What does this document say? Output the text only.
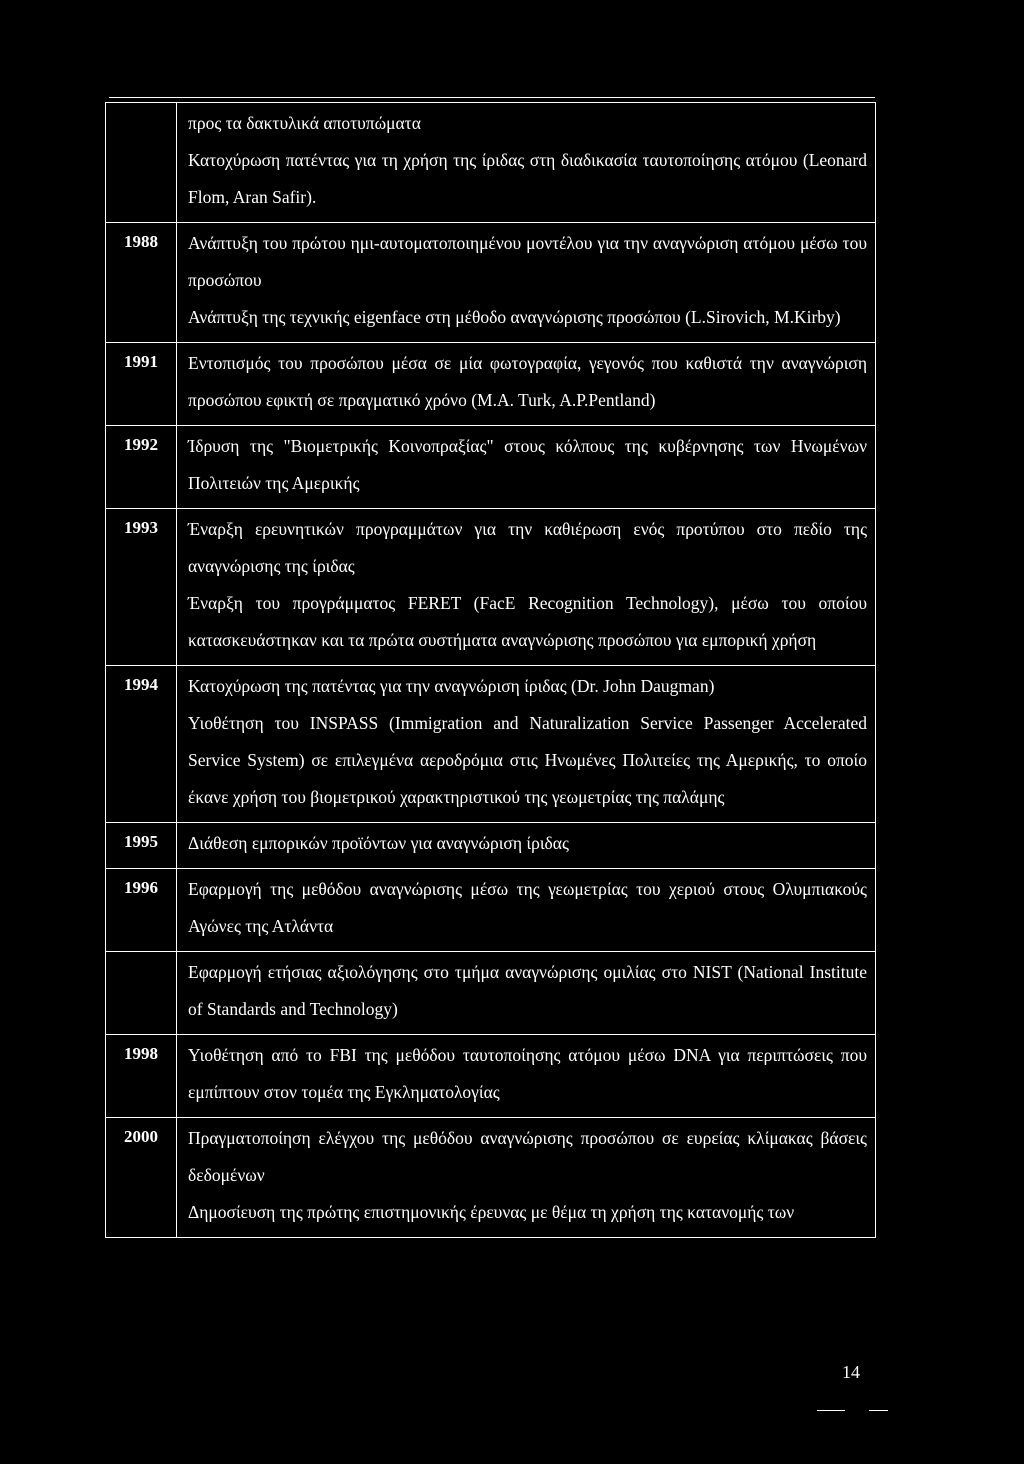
	προς τα δακτυλικά αποτυπώματα

Κατοχύρωση πατέντας για τη χρήση της ίριδας στη διαδικασία ταυτοποίησης ατόμου (Leonard Flom, Aran Safir).

1988	Ανάπτυξη του πρώτου ημι-αυτοματοποιημένου μοντέλου για την αναγνώριση ατόμου μέσω του προσώπου

Ανάπτυξη της τεχνικής eigenface στη μέθοδο αναγνώρισης προσώπου (L.Sirovich, M.Kirby)

1991	Εντοπισμός του προσώπου μέσα σε μία φωτογραφία, γεγονός που καθιστά την αναγνώριση προσώπου εφικτή σε πραγματικό χρόνο (M.A. Turk, A.P.Pentland)

1992	Ίδρυση της "Βιομετρικής Κοινοπραξίας" στους κόλπους της κυβέρνησης των Ηνωμένων Πολιτειών της Αμερικής

1993	Έναρξη ερευνητικών προγραμμάτων για την καθιέρωση ενός προτύπου στο πεδίο της αναγνώρισης της ίριδας

Έναρξη του προγράμματος FERET (FacE Recognition Technology), μέσω του οποίου κατασκευάστηκαν και τα πρώτα συστήματα αναγνώρισης προσώπου για εμπορική χρήση

1994	Κατοχύρωση της πατέντας για την αναγνώριση ίριδας (Dr. John Daugman)

Υιοθέτηση του INSPASS (Immigration and Naturalization Service Passenger Accelerated Service System) σε επιλεγμένα αεροδρόμια στις Ηνωμένες Πολιτείες της Αμερικής, το οποίο έκανε χρήση του βιομετρικού χαρακτηριστικού της γεωμετρίας της παλάμης

1995	Διάθεση εμπορικών προϊόντων για αναγνώριση ίριδας

1996	Εφαρμογή της μεθόδου αναγνώρισης μέσω της γεωμετρίας του χεριού στους Ολυμπιακούς Αγώνες της Ατλάντα

	Εφαρμογή ετήσιας αξιολόγησης στο τμήμα αναγνώρισης ομιλίας στο NIST (National Institute of Standards and Technology)

1998	Υιοθέτηση από το FBI της μεθόδου ταυτοποίησης ατόμου μέσω DNA για περιπτώσεις που εμπίπτουν στον τομέα της Εγκληματολογίας

2000	Πραγματοποίηση ελέγχου της μεθόδου αναγνώρισης προσώπου σε ευρείας κλίμακας βάσεις δεδομένων

Δημοσίευση της πρώτης επιστημονικής έρευνας με θέμα τη χρήση της κατανομής των

14
